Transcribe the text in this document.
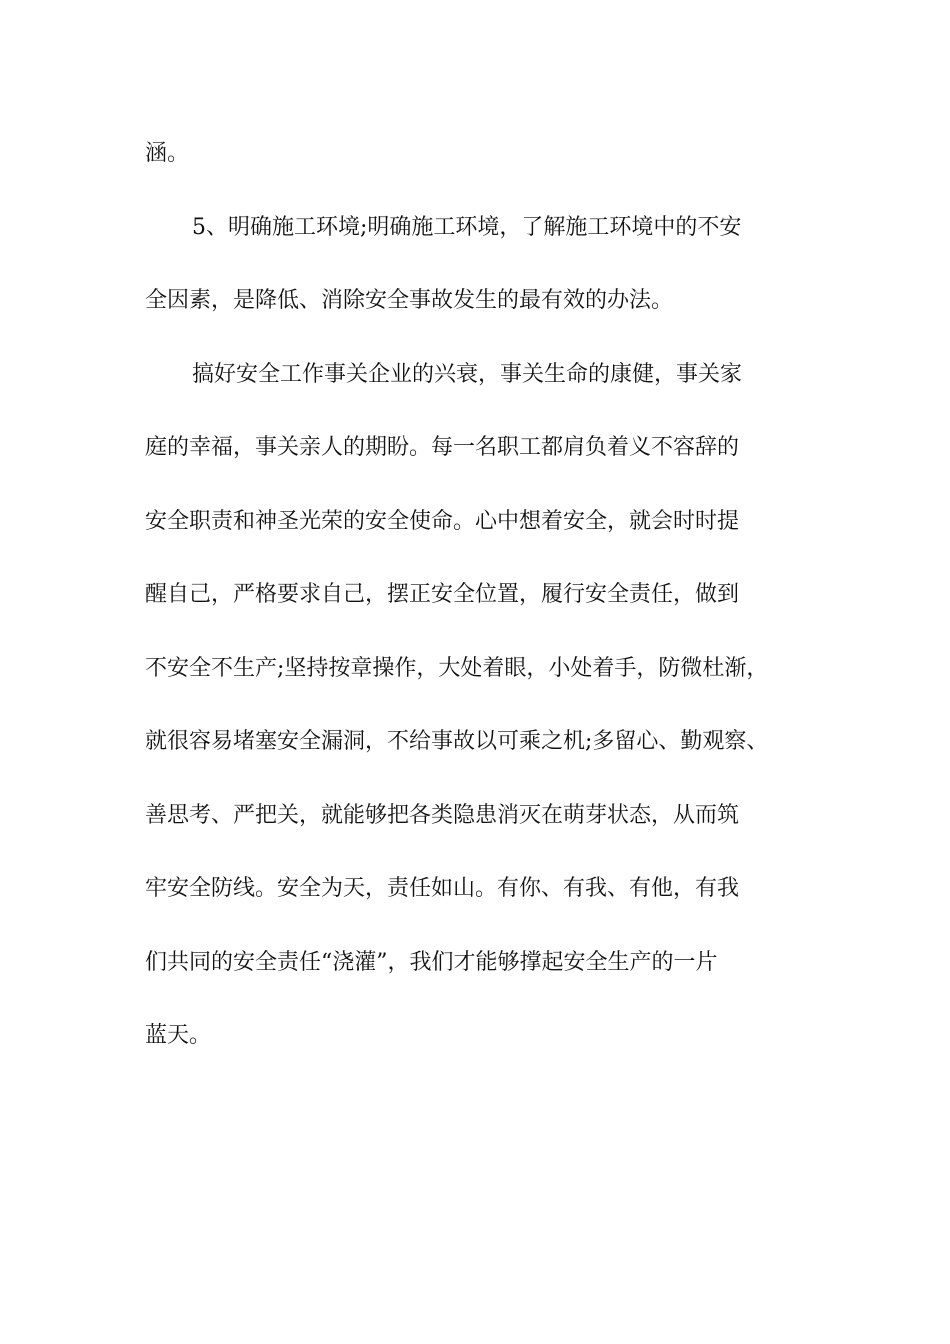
涵。
5、明确施工环境;明确施工环境，了解施工环境中的不安
全因素，是降低、消除安全事故发生的最有效的办法。
搞好安全工作事关企业的兴衰，事关生命的康健，事关家
庭的幸福，事关亲人的期盼。每一名职工都肩负着义不容辞的
安全职责和神圣光荣的安全使命。心中想着安全，就会时时提
醒自己，严格要求自己，摆正安全位置，履行安全责任，做到
不安全不生产;坚持按章操作，大处着眼，小处着手，防微杜渐，
就很容易堵塞安全漏洞，不给事故以可乘之机;多留心、勤观察、
善思考、严把关，就能够把各类隐患消灭在萌芽状态，从而筑
牢安全防线。安全为天，责任如山。有你、有我、有他，有我
们共同的安全责任“浇灌”，我们才能够撑起安全生产的一片
蓝天。
